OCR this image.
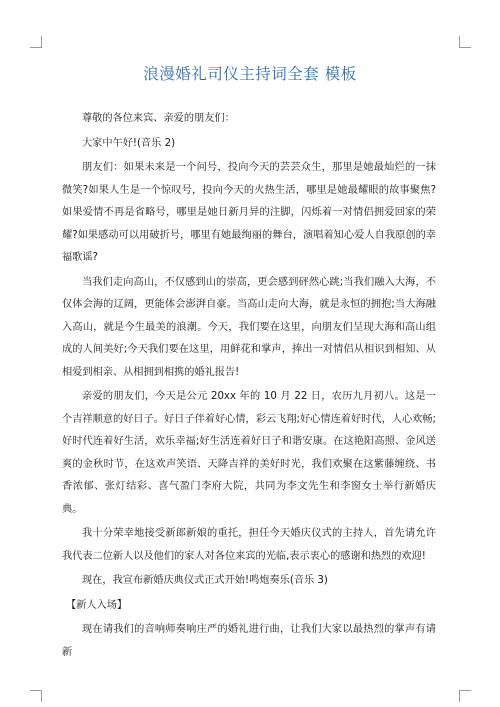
浪漫婚礼司仪主持词全套 模板

尊敬的各位来宾、亲爱的朋友们：

大家中午好!(音乐 2)

朋友们：如果未来是一个问号，投向今天的芸芸众生，那里是她最灿烂的一抹微笑?如果人生是一个惊叹号，投向今天的火热生活，哪里是她最耀眼的故事聚焦?如果爱情不再是省略号，哪里是她日新月异的注脚，闪烁着一对情侣拥爱回家的荣耀?如果感动可以用破折号，哪里有她最绚丽的舞台，演唱着知心爱人自我原创的幸福歌谣?

当我们走向高山，不仅感到山的崇高，更会感到砰然心跳;当我们融入大海，不仅体会海的辽阔，更能体会澎湃自豪。当高山走向大海，就是永恒的拥抱;当大海融入高山，就是今生最美的浪潮。今天，我们要在这里，向朋友们呈现大海和高山组成的人间美好;今天我们要在这里，用鲜花和掌声，捧出一对情侣从相识到相知、从相爱到相亲、从相拥到相携的婚礼报告!

亲爱的朋友们，今天是公元 20xx 年的 10 月 22 日，农历九月初八。这是一个吉祥顺意的好日子。好日子伴着好心情，彩云飞翔;好心情连着好时代，人心欢畅;好时代连着好生活，欢乐幸福;好生活连着好日子和谐安康。在这艳阳高照、金风送爽的金秋时节，在这欢声笑语、天降吉祥的美好时光，我们欢聚在这紫藤缠绕、书香浓郁、张灯结彩、喜气盈门李府大院，共同为李文先生和李窗女士举行新婚庆典。

我十分荣幸地接受新郎新娘的重托，担任今天婚庆仪式的主持人，首先请允许我代表二位新人以及他们的家人对各位来宾的光临,表示衷心的感谢和热烈的欢迎!

现在，我宣布新婚庆典仪式正式开始!鸣炮奏乐(音乐 3)

【新人入场】

现在请我们的音响师奏响庄严的婚礼进行曲，让我们大家以最热烈的掌声有请新
